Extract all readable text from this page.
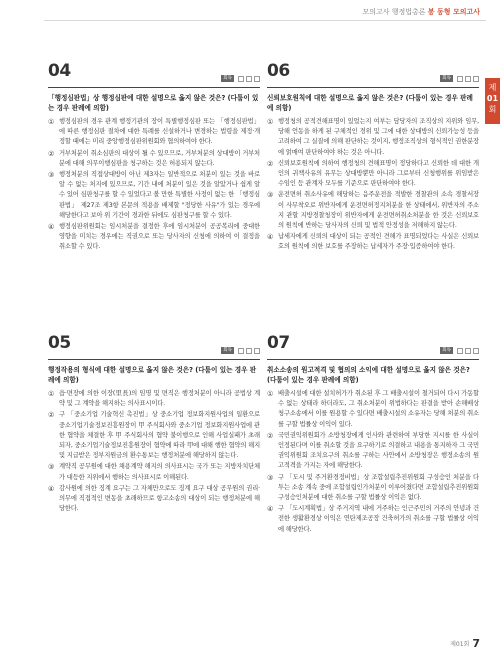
모의고사 행정법총론 봉 동형 모의고사
제
01
회
04	회독
「행정심판법」상 행정심판에 대한 설명으로 옳지 않은 것은? (다툼이 있는 경우 판례에 의함)
① 행정심판의 경우 관계 행정기관의 장이 특별행정심판 또는 「행정심판법」에 따른 행정심판 절차에 대한 특례를 신설하거나 변경하는 법령을 제정·개정할 때에는 미리 중앙행정심판위원회와 협의하여야 한다.
② 거부처분이 취소심판의 대상이 될 수 있으므로, 거부처분의 상대방이 거부처분에 대해 의무이행심판을 청구하는 것은 허용되지 않는다.
③ 행정처분의 직접상대방이 아닌 제3자는 일반적으로 처분이 있는 것을 바로 알 수 없는 처지에 있으므로, 기간 내에 처분이 있은 것을 알았거나 쉽게 알 수 있어 심판청구를 할 수 있었다고 볼 만한 특별한 사정이 없는 한 「행정심판법」 제27조 제3항 본문의 적용을 배제할 "정당한 사유"가 있는 경우에 해당한다고 보아 위 기간이 경과한 뒤에도 심판청구를 할 수 있다.
④ 행정심판위원회는 임시처분을 결정한 후에 임시처분이 공공복리에 중대한 영향을 미치는 경우에는 직권으로 또는 당사자의 신청에 의하여 이 결정을 취소할 수 있다.
05	회독
행정작용의 형식에 대한 설명으로 옳지 않은 것은? (다툼이 있는 경우 판례에 의함)
① 읍·면장에 의한 이장(里長)의 임명 및 면직은 행정처분이 아니라 공법상 계약 및 그 계약을 해지하는 의사표시이다.
② 구 「중소기업 기술혁신 촉진법」상 중소기업 정보화지원사업의 일환으로 중소기업기술정보진흥원장이 甲 주식회사와 중소기업 정보화지원사업에 관한 협약을 체결한 후 甲 주식회사의 협약 불이행으로 인해 사업실패가 초래되자, 중소기업기술정보진흥원장이 협약에 따라 甲에 대해 행한 협약의 해지 및 지급받은 정부지원금의 환수통보는 행정처분에 해당하지 않는다.
③ 계약직 공무원에 대한 채용계약 해지의 의사표시는 국가 또는 지방자치단체가 대등한 지위에서 행하는 의사표시로 이해된다.
④ 감사원에 의한 징계 요구는 그 자체만으로도 징계 요구 대상 공무원의 권리·의무에 직접적인 변동을 초래하므로 항고소송의 대상이 되는 행정처분에 해당한다.
06	회독
신뢰보호원칙에 대한 설명으로 옳지 않은 것은? (다툼이 있는 경우 판례에 의함)
① 행정청의 공적견해표명이 있었는지 여부는 담당자의 조직상의 지위와 임무, 당해 언동을 하게 된 구체적인 경위 및 그에 대한 상대방의 신뢰가능성 등을 고려하여 그 실질에 의해 판단하는 것이지, 행정조직상의 형식적인 권한분장에 얽매여 판단하여야 하는 것은 아니다.
② 신뢰보호원칙에 의하여 행정청의 견해표명이 정당하다고 신뢰한 데 대한 개인의 귀책사유의 유무는 상대방뿐만 아니라 그로부터 신청행위를 위임받은 수임인 등 관계자 모두를 기준으로 판단하여야 한다.
③ 운전면허 취소사유에 해당하는 음주운전을 적발한 경찰관의 소속 경찰서장이 사무착오로 위반자에게 운전면허정지처분을 한 상태에서, 위반자의 주소지 관할 지방경찰청장이 위반자에게 운전면허취소처분을 한 것은 신뢰보호의 원칙에 반하는 당사자의 신뢰 및 법적 안정성을 저해하지 않는다.
④ 납세자에게 신뢰의 대상이 되는 공적인 견해가 표명되었다는 사실은 신뢰보호의 원칙에 의한 보호를 주장하는 납세자가 주장·입증하여야 한다.
07	회독
취소소송의 원고적격 및 협의의 소익에 대한 설명으로 옳지 않은 것은? (다툼이 있는 경우 판례에 의함)
① 배출시설에 대한 설치허가가 취소된 후 그 배출시설이 철거되어 다시 가동할 수 없는 상태라 하더라도, 그 취소처분이 위법하다는 판결을 받아 손해배상청구소송에서 이를 원용할 수 있다면 배출시설의 소유자는 당해 처분의 취소를 구할 법률상 이익이 있다.
② 국민권익위원회가 소방청장에게 인사와 관련하여 부당한 지시를 한 사실이 인정된다며 이를 취소할 것을 요구하기로 의결하고 내용을 통지하자 그 국민권익위원회 조치요구의 취소를 구하는 사안에서 소방청장은 행정소송의 원고적격을 가지는 자에 해당한다.
③ 구 「도시 및 주거환경정비법」상 조합설립추진위원회 구성승인 처분을 다투는 소송 계속 중에 조합설립인가처분이 이루어졌다면 조합설립추진위원회 구성승인처분에 대한 취소를 구할 법률상 이익은 없다.
④ 구 「도시계획법」상 주거지역 내에 거주하는 인근주민의 거주의 안녕과 건전한 생활환경상 이익은 연탄제조공장 건축허가의 취소를 구할 법률상 이익에 해당한다.
제01회 7
